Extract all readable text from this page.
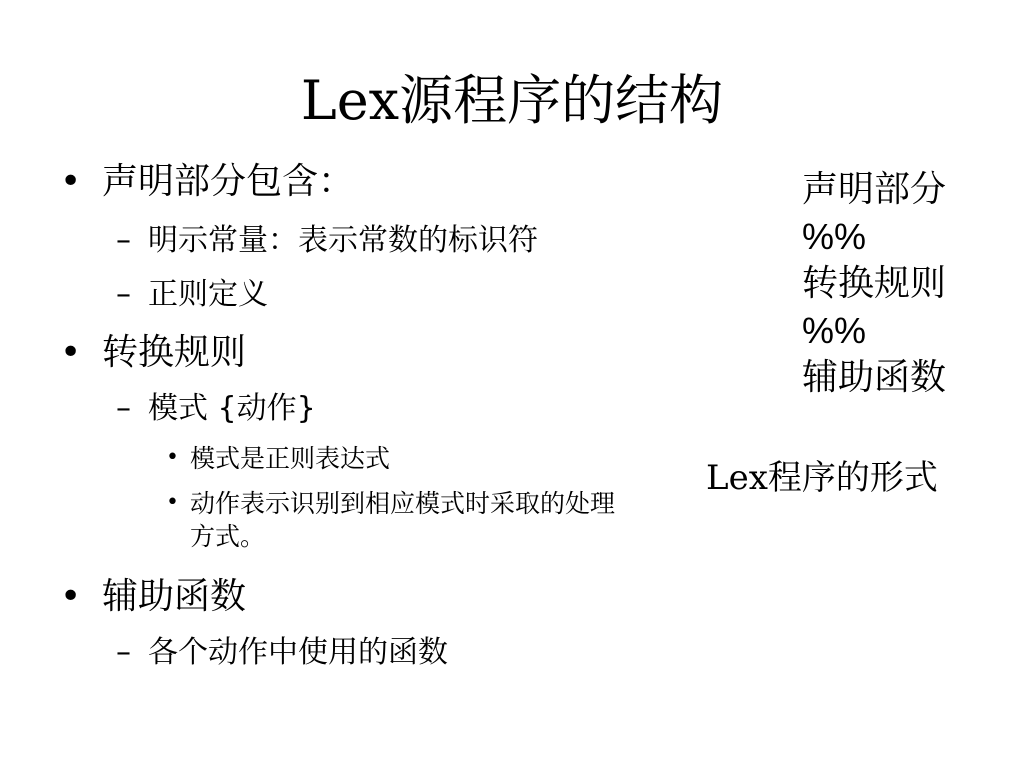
Lex源程序的结构
• 声明部分包含：
– 明示常量：表示常数的标识符
– 正则定义
• 转换规则
– 模式 {动作}
• 模式是正则表达式
• 动作表示识别到相应模式时采取的处理方式。
• 辅助函数
– 各个动作中使用的函数
声明部分
%%
转换规则
%%
辅助函数
Lex程序的形式
